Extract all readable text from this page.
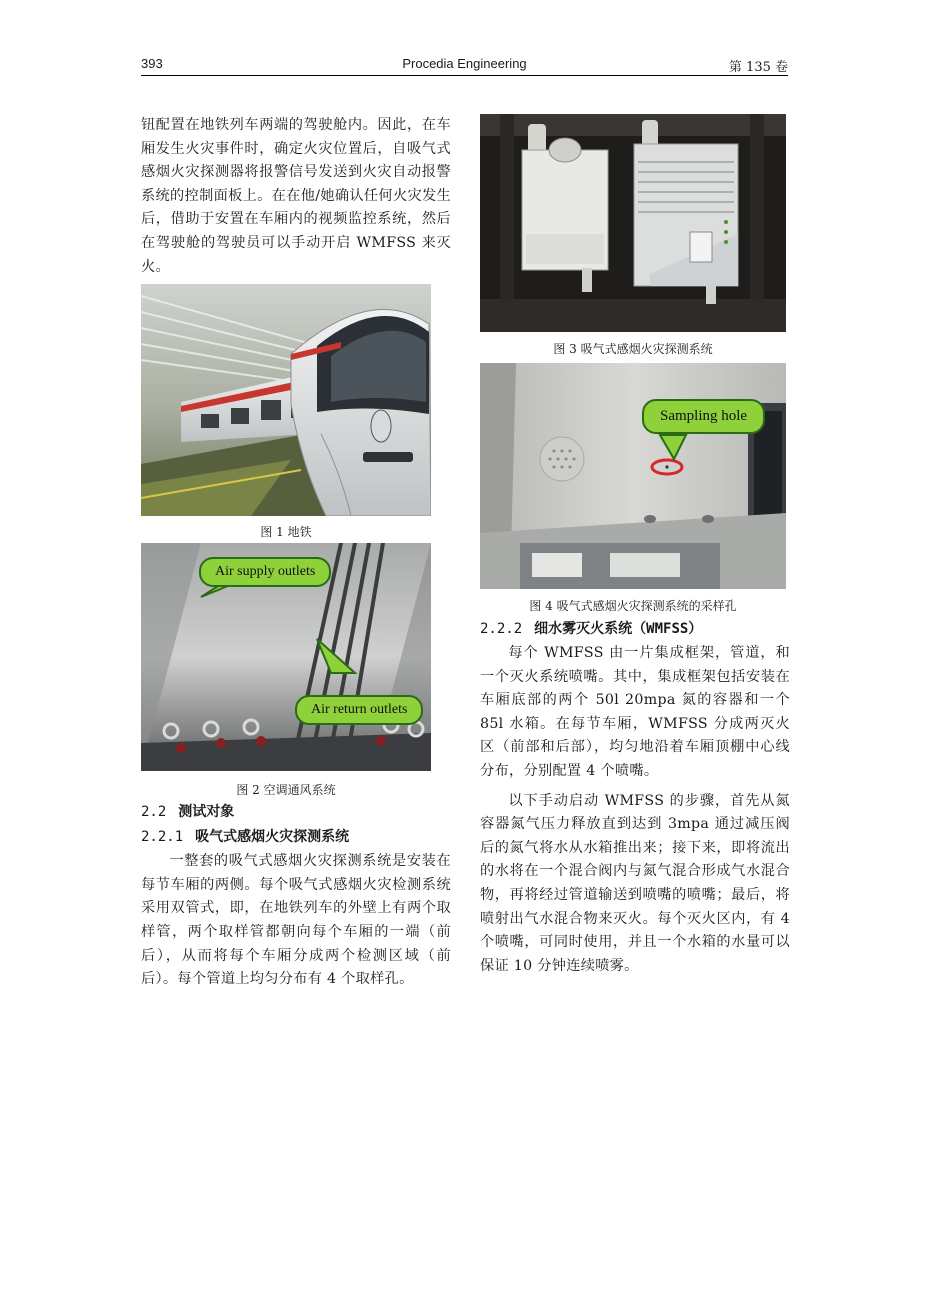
393	Procedia Engineering	第 135 卷

钮配置在地铁列车两端的驾驶舱内。因此，在车厢发生火灾事件时，确定火灾位置后，自吸气式感烟火灾探测器将报警信号发送到火灾自动报警系统的控制面板上。在在他/她确认任何火灾发生后，借助于安置在车厢内的视频监控系统，然后在驾驶舱的驾驶员可以手动开启 WMFSS 来灭火。

图 1 地铁
Air supply outlets
Air return outlets
图 2 空调通风系统
2.2 测试对象
2.2.1 吸气式感烟火灾探测系统

一整套的吸气式感烟火灾探测系统是安装在每节车厢的两侧。每个吸气式感烟火灾检测系统采用双管式，即，在地铁列车的外壁上有两个取样管，两个取样管都朝向每个车厢的一端（前后），从而将每个车厢分成两个检测区域（前后）。每个管道上均匀分布有 4 个取样孔。

图 3 吸气式感烟火灾探测系统
Sampling hole
图 4 吸气式感烟火灾探测系统的采样孔
2.2.2 细水雾灭火系统（WMFSS）

每个 WMFSS 由一片集成框架，管道，和一个灭火系统喷嘴。其中，集成框架包括安装在车厢底部的两个 50l 20mpa 氮的容器和一个 85l 水箱。在每节车厢，WMFSS 分成两灭火区（前部和后部），均匀地沿着车厢顶棚中心线分布，分别配置 4 个喷嘴。

以下手动启动 WMFSS 的步骤，首先从氮容器氮气压力释放直到达到 3mpa 通过减压阀后的氮气将水从水箱推出来；接下来，即将流出的水将在一个混合阀内与氮气混合形成气水混合物，再将经过管道输送到喷嘴的喷嘴；最后，将喷射出气水混合物来灭火。每个灭火区内，有 4 个喷嘴，可同时使用，并且一个水箱的水量可以保证 10 分钟连续喷雾。
